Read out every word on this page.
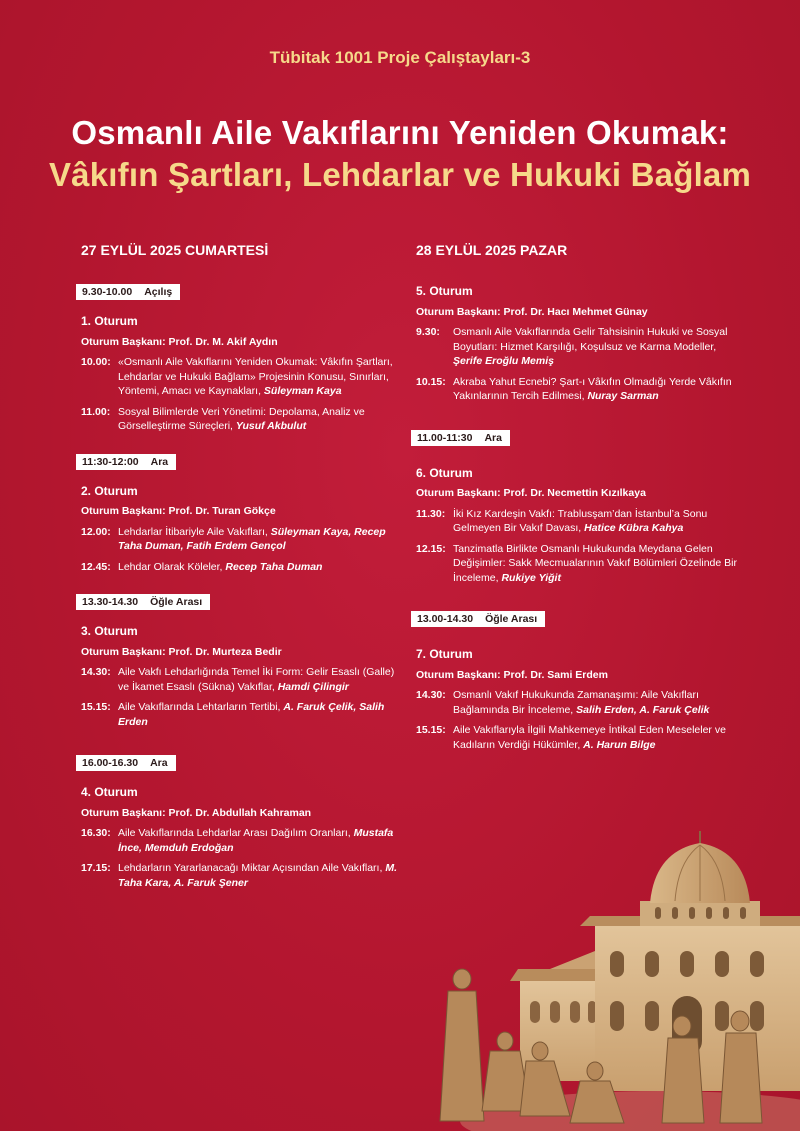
Tübitak 1001 Proje Çalıştayları-3
Osmanlı Aile Vakıflarını Yeniden Okumak:
Vâkıfın Şartları, Lehdarlar ve Hukuki Bağlam
27 EYLÜL 2025 CUMARTESİ	28 EYLÜL 2025 PAZAR
9.30-10.00 Açılış
1. Oturum
Oturum Başkanı: Prof. Dr. M. Akif Aydın
10.00: «Osmanlı Aile Vakıflarını Yeniden Okumak: Vâkıfın Şartları, Lehdarlar ve Hukuki Bağlam» Projesinin Konusu, Sınırları, Yöntemi, Amacı ve Kaynakları, Süleyman Kaya
11.00: Sosyal Bilimlerde Veri Yönetimi: Depolama, Analiz ve Görselleştirme Süreçleri, Yusuf Akbulut
11:30-12:00 Ara
2. Oturum
Oturum Başkanı: Prof. Dr. Turan Gökçe
12.00: Lehdarlar İtibariyle Aile Vakıfları, Süleyman Kaya, Recep Taha Duman, Fatih Erdem Gençol
12.45: Lehdar Olarak Köleler, Recep Taha Duman
13.30-14.30 Öğle Arası
3. Oturum
Oturum Başkanı: Prof. Dr. Murteza Bedir
14.30: Aile Vakfı Lehdarlığında Temel İki Form: Gelir Esaslı (Galle) ve İkamet Esaslı (Sükna) Vakıflar, Hamdi Çilingir
15.15: Aile Vakıflarında Lehtarların Tertibi, A. Faruk Çelik, Salih Erden
16.00-16.30 Ara
4. Oturum
Oturum Başkanı: Prof. Dr. Abdullah Kahraman
16.30: Aile Vakıflarında Lehdarlar Arası Dağılım Oranları, Mustafa İnce, Memduh Erdoğan
17.15: Lehdarların Yararlanacağı Miktar Açısından Aile Vakıfları, M. Taha Kara, A. Faruk Şener
5. Oturum
Oturum Başkanı: Prof. Dr. Hacı Mehmet Günay
9.30:	Osmanlı Aile Vakıflarında Gelir Tahsisinin Hukuki ve Sosyal Boyutları: Hizmet Karşılığı, Koşulsuz ve Karma Modeller, Şerife Eroğlu Memiş
10.15: Akraba Yahut Ecnebi? Şart-ı Vâkıfın Olmadığı Yerde Vâkıfın Yakınlarının Tercih Edilmesi, Nuray Sarman
11.00-11:30 Ara
6. Oturum
Oturum Başkanı: Prof. Dr. Necmettin Kızılkaya
11.30: İki Kız Kardeşin Vakfı: Trablusşam’dan İstanbul’a Sonu Gelmeyen Bir Vakıf Davası, Hatice Kübra Kahya
12.15: Tanzimatla Birlikte Osmanlı Hukukunda Meydana Gelen Değişimler: Sakk Mecmualarının Vakıf Bölümleri Özelinde Bir İnceleme, Rukiye Yiğit
13.00-14.30 Öğle Arası
7. Oturum
Oturum Başkanı: Prof. Dr. Sami Erdem
14.30: Osmanlı Vakıf Hukukunda Zamanaşımı: Aile Vakıfları Bağlamında Bir İnceleme, Salih Erden, A. Faruk Çelik
15.15: Aile Vakıflarıyla İlgili Mahkemeye İntikal Eden Meseleler ve Kadıların Verdiği Hükümler, A. Harun Bilge
